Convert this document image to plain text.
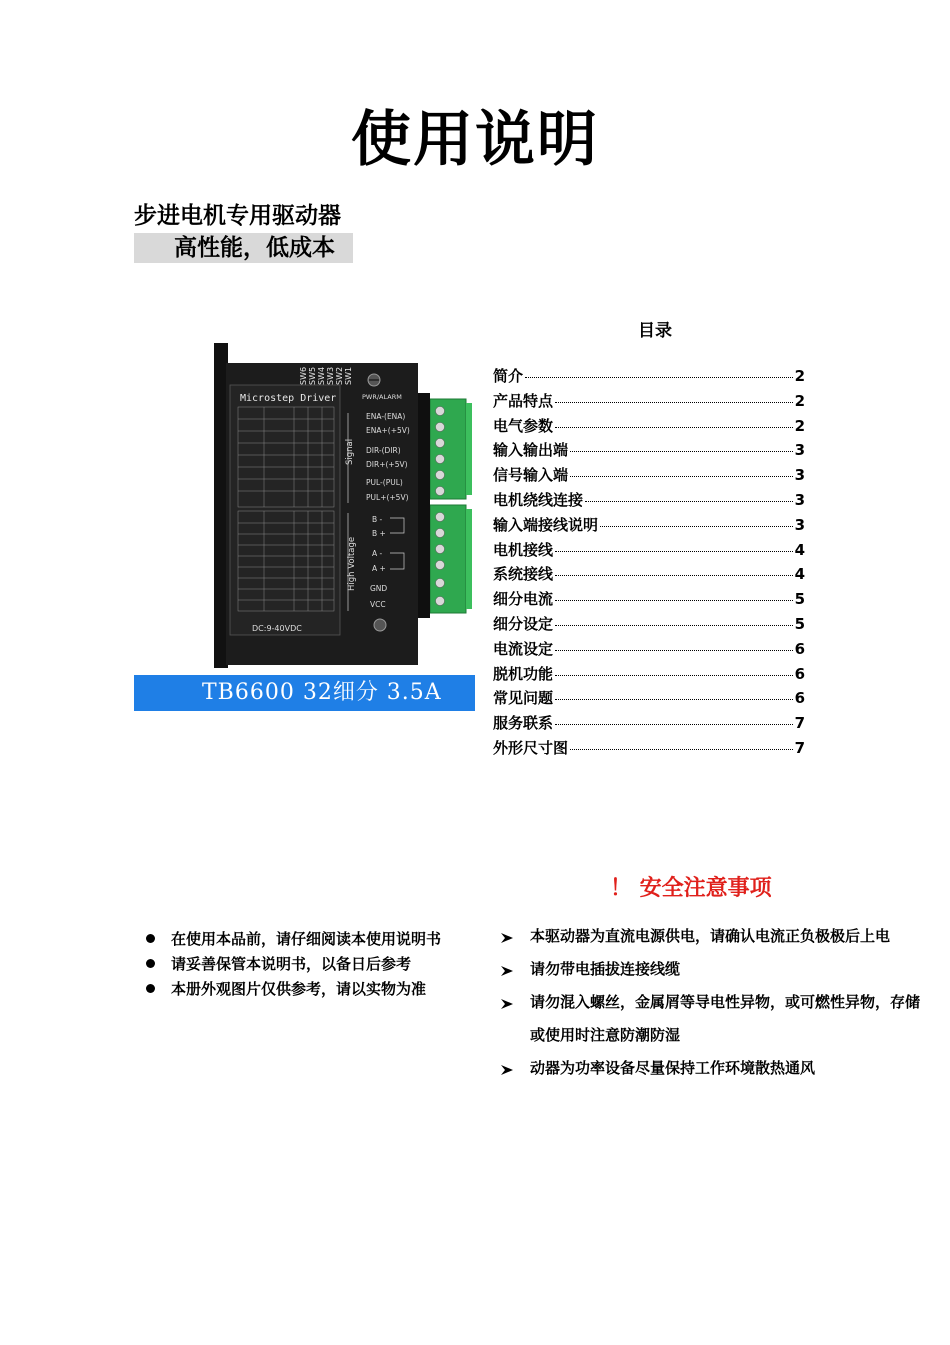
使用说明
步进电机专用驱动器
高性能，低成本
Microstep Driver
SW6 SW5 SW4 SW3 SW2 SW1
PWR/ALARM
Signal
High Voltage
ENA-(ENA)
ENA+(+5V)
DIR-(DIR)
DIR+(+5V)
PUL-(PUL)
PUL+(+5V)
B -
B +
A -
A +
GND
VCC
DC:9-40VDC
TB6600 32细分 3.5A
目录
简介	2
产品特点	2
电气参数	2
输入输出端	3
信号输入端	3
电机绕线连接	3
输入端接线说明	3
电机接线	4
系统接线	4
细分电流	5
细分设定	5
电流设定	6
脱机功能	6
常见问题	6
服务联系	7
外形尺寸图	7
！ 安全注意事项
在使用本品前，请仔细阅读本使用说明书
请妥善保管本说明书，以备日后参考
本册外观图片仅供参考，请以实物为准
本驱动器为直流电源供电，请确认电流正负极极后上电
请勿带电插拔连接线缆
请勿混入螺丝，金属屑等导电性异物，或可燃性异物，存储或使用时注意防潮防湿
动器为功率设备尽量保持工作环境散热通风
